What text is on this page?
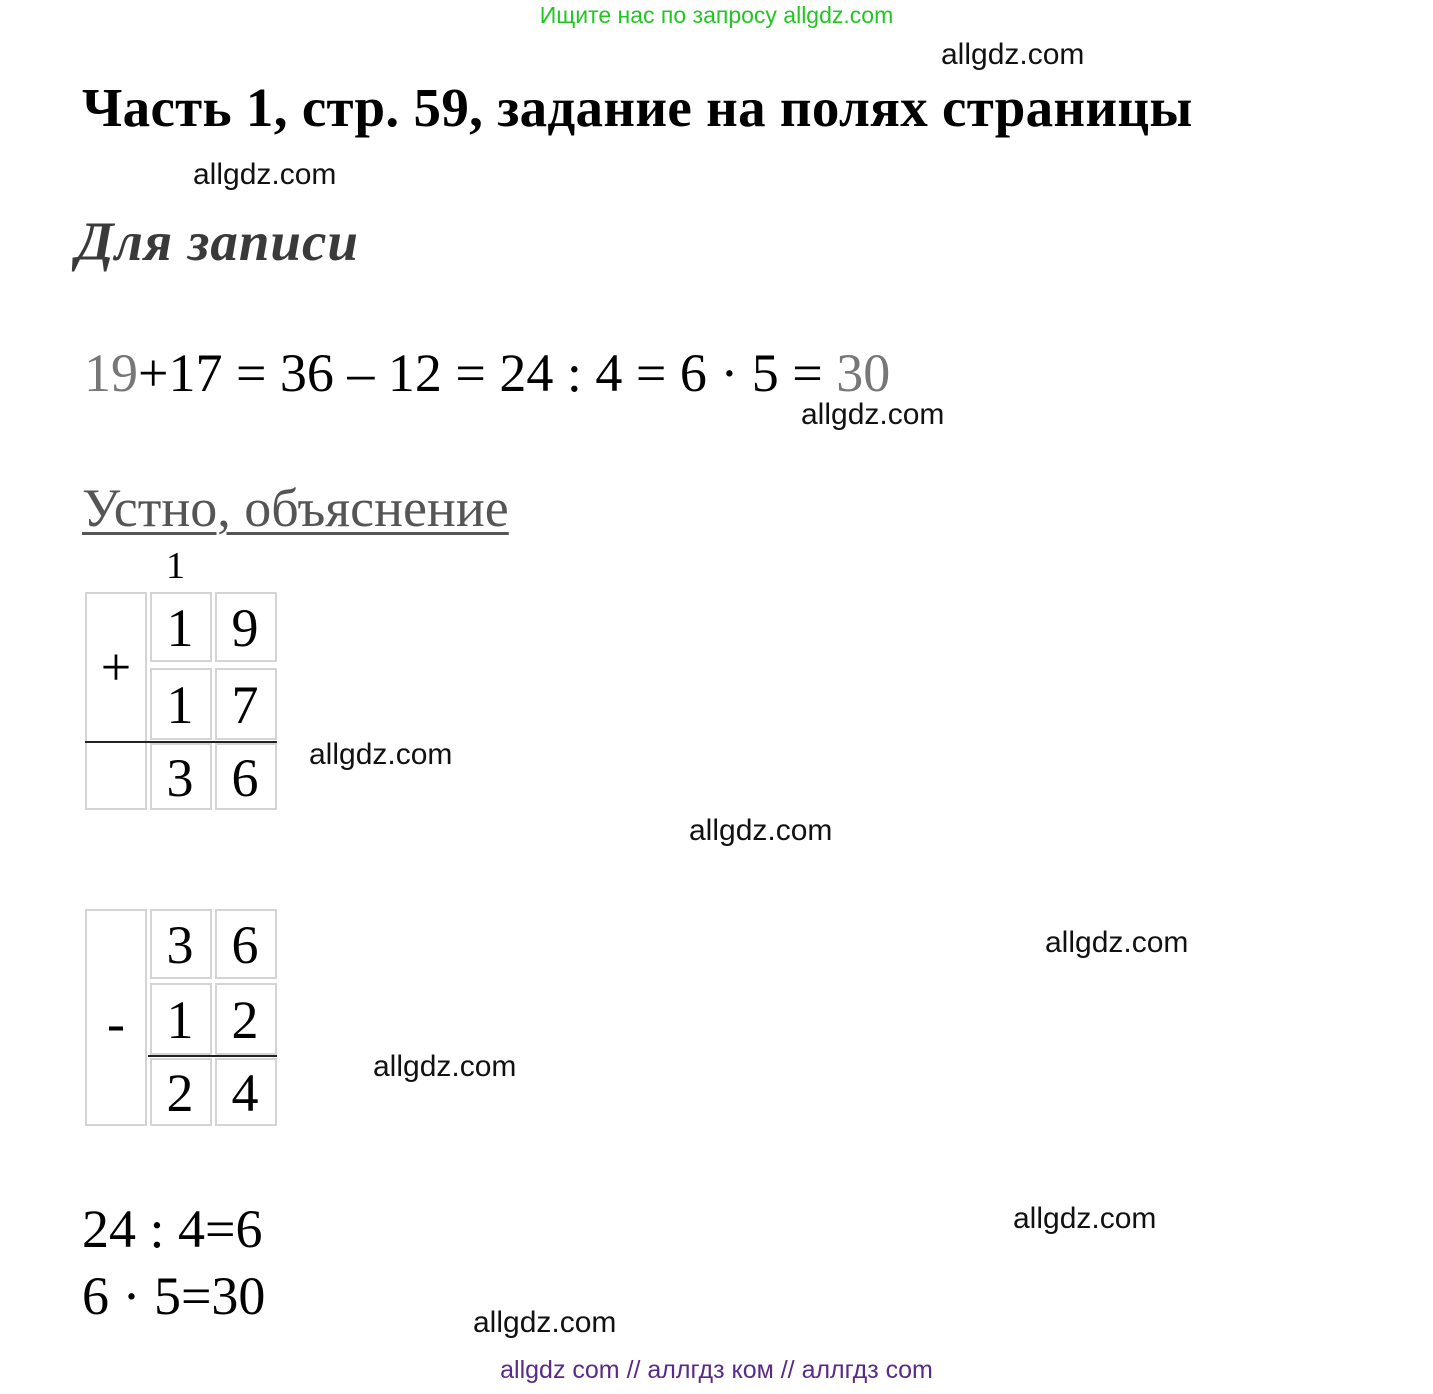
Ищите нас по запросу allgdz.com
allgdz.com
allgdz.com
allgdz.com
allgdz.com
allgdz.com
allgdz.com
allgdz.com
allgdz.com
allgdz.com
Часть 1, стр. 59, задание на полях страницы
Для записи
19+17 = 36 – 12 = 24 : 4 = 6 · 5 = 30
Устно, объяснение
1
+
1 9
1 7
3 6
-
3 6
1 2
2 4
24 : 4=6
6 · 5=30
allgdz com // аллгдз ком // аллгдз com
